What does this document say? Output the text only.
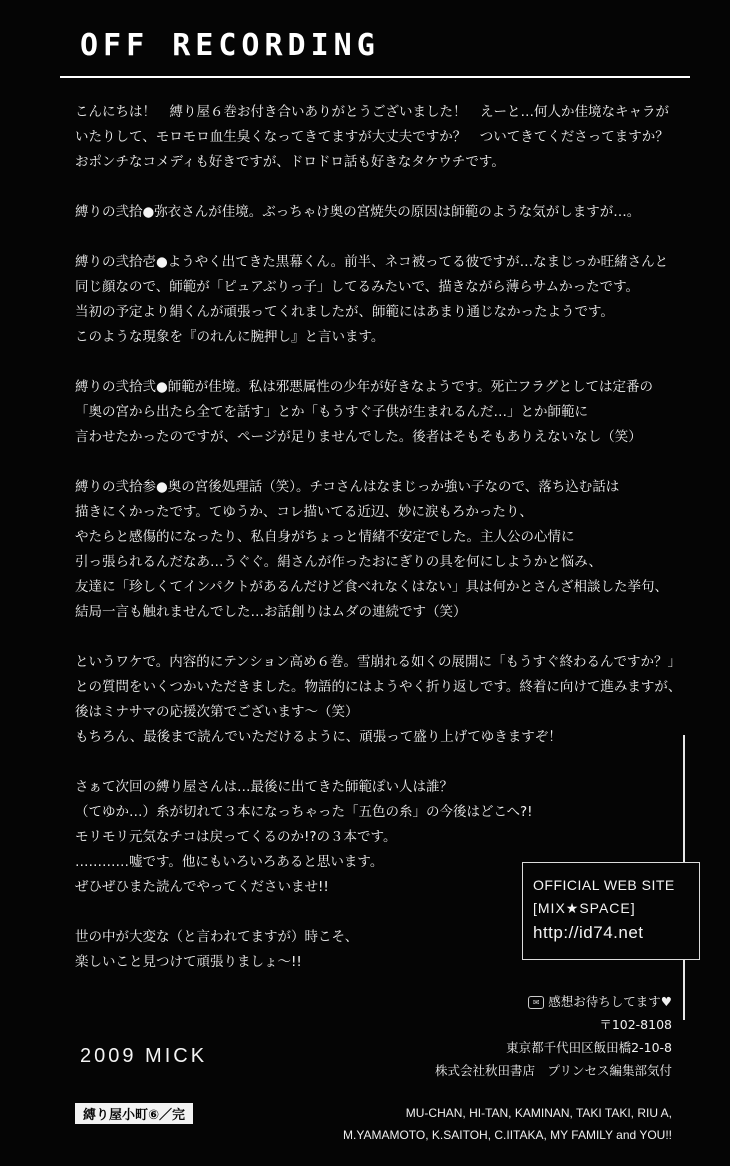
OFF RECORDING
こんにちは！　縛り屋６巻お付き合いありがとうございました！　えーと…何人か佳境なキャラが
いたりして、モロモロ血生臭くなってきてますが大丈夫ですか？　ついてきてくださってますか？
おポンチなコメディも好きですが、ドロドロ話も好きなタケウチです。
縛りの弐拾●弥衣さんが佳境。ぶっちゃけ奥の宮焼失の原因は師範のような気がしますが…。
縛りの弐拾壱●ようやく出てきた黒幕くん。前半、ネコ被ってる彼ですが…なまじっか旺緒さんと
同じ顔なので、師範が「ピュアぶりっ子」してるみたいで、描きながら薄らサムかったです。
当初の予定より絹くんが頑張ってくれましたが、師範にはあまり通じなかったようです。
このような現象を『のれんに腕押し』と言います。
縛りの弐拾弐●師範が佳境。私は邪悪属性の少年が好きなようです。死亡フラグとしては定番の
「奥の宮から出たら全てを話す」とか「もうすぐ子供が生まれるんだ…」とか師範に
言わせたかったのですが、ページが足りませんでした。後者はそもそもありえないなし（笑）
縛りの弐拾参●奥の宮後処理話（笑）。チコさんはなまじっか強い子なので、落ち込む話は
描きにくかったです。てゆうか、コレ描いてる近辺、妙に涙もろかったり、
やたらと感傷的になったり、私自身がちょっと情緒不安定でした。主人公の心情に
引っ張られるんだなあ…うぐぐ。絹さんが作ったおにぎりの具を何にしようかと悩み、
友達に「珍しくてインパクトがあるんだけど食べれなくはない」具は何かとさんざ相談した挙句、
結局一言も触れませんでした…お話創りはムダの連続です（笑）
というワケで。内容的にテンション高め６巻。雪崩れる如くの展開に「もうすぐ終わるんですか？」
との質問をいくつかいただきました。物語的にはようやく折り返しです。終着に向けて進みますが、
後はミナサマの応援次第でございます～（笑）
もちろん、最後まで読んでいただけるように、頑張って盛り上げてゆきますぞ！
さぁて次回の縛り屋さんは…最後に出てきた師範ぽい人は誰？
（てゆか…）糸が切れて３本になっちゃった「五色の糸」の今後はどこへ?!
モリモリ元気なチコは戻ってくるのか!?の３本です。
…………嘘です。他にもいろいろあると思います。
ぜひぜひまた読んでやってくださいませ!!
世の中が大変な（と言われてますが）時こそ、
楽しいこと見つけて頑張りましょ～!!
OFFICIAL WEB SITE
[MIX★SPACE]
http://id74.net
✉ 感想お待ちしてます♥
〒102-8108
東京都千代田区飯田橋2-10-8
株式会社秋田書店　プリンセス編集部気付
2009 MICK
縛り屋小町⑥／完	MU-CHAN, HI-TAN, KAMINAN, TAKI TAKI, RIU A,
M.YAMAMOTO, K.SAITOH, C.IITAKA, MY FAMILY and YOU!!
